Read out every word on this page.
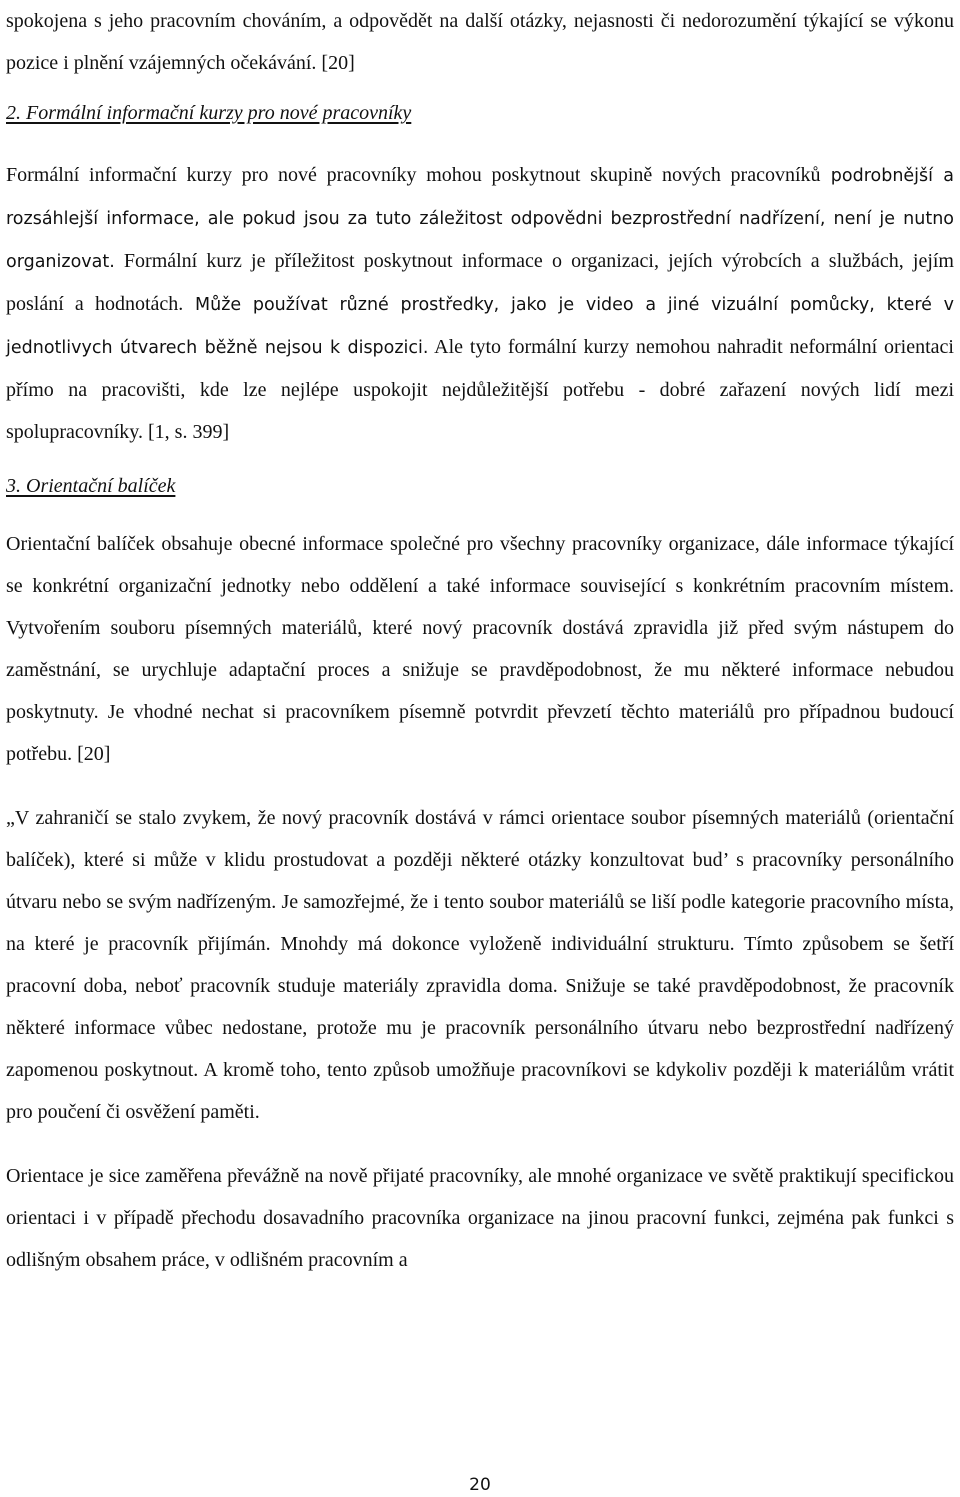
spokojena s jeho pracovním chováním, a odpovědět na další otázky, nejasnosti či nedorozumění týkající se výkonu pozice i plnění vzájemných očekávání. [20]

2. Formální informační kurzy pro nové pracovníky

Formální informační kurzy pro nové pracovníky mohou poskytnout skupině nových pracovníků podrobnější a rozsáhlejší informace, ale pokud jsou za tuto záležitost odpovědni bezprostřední nadřízení, není je nutno organizovat. Formální kurz je příležitost poskytnout informace o organizaci, jejích výrobcích a službách, jejím poslání a hodnotách. Může používat různé prostředky, jako je video a jiné vizuální pomůcky, které v jednotlivych útvarech běžně nejsou k dispozici. Ale tyto formální kurzy nemohou nahradit neformální orientaci přímo na pracovišti, kde lze nejlépe uspokojit nejdůležitější potřebu - dobré zařazení nových lidí mezi spolupracovníky. [1, s. 399]

3. Orientační balíček

Orientační balíček obsahuje obecné informace společné pro všechny pracovníky organizace, dále informace týkající se konkrétní organizační jednotky nebo oddělení a také informace související s konkrétním pracovním místem. Vytvořením souboru písemných materiálů, které nový pracovník dostává zpravidla již před svým nástupem do zaměstnání, se urychluje adaptační proces a snižuje se pravděpodobnost, že mu některé informace nebudou poskytnuty. Je vhodné nechat si pracovníkem písemně potvrdit převzetí těchto materiálů pro případnou budoucí potřebu. [20]

„V zahraničí se stalo zvykem, že nový pracovník dostává v rámci orientace soubor písemných materiálů (orientační balíček), které si může v klidu prostudovat a později některé otázky konzultovat bud’ s pracovníky personálního útvaru nebo se svým nadřízeným. Je samozřejmé, že i tento soubor materiálů se liší podle kategorie pracovního místa, na které je pracovník přijímán. Mnohdy má dokonce vyloženě individuální strukturu. Tímto způsobem se šetří pracovní doba, neboť pracovník studuje materiály zpravidla doma. Snižuje se také pravděpodobnost, že pracovník některé informace vůbec nedostane, protože mu je pracovník personálního útvaru nebo bezprostřední nadřízený zapomenou poskytnout. A kromě toho, tento způsob umožňuje pracovníkovi se kdykoliv později k materiálům vrátit pro poučení či osvěžení paměti.

Orientace je sice zaměřena převážně na nově přijaté pracovníky, ale mnohé organizace ve světě praktikují specifickou orientaci i v případě přechodu dosavadního pracovníka organizace na jinou pracovní funkci, zejména pak funkci s odlišným obsahem práce, v odlišném pracovním a

20
